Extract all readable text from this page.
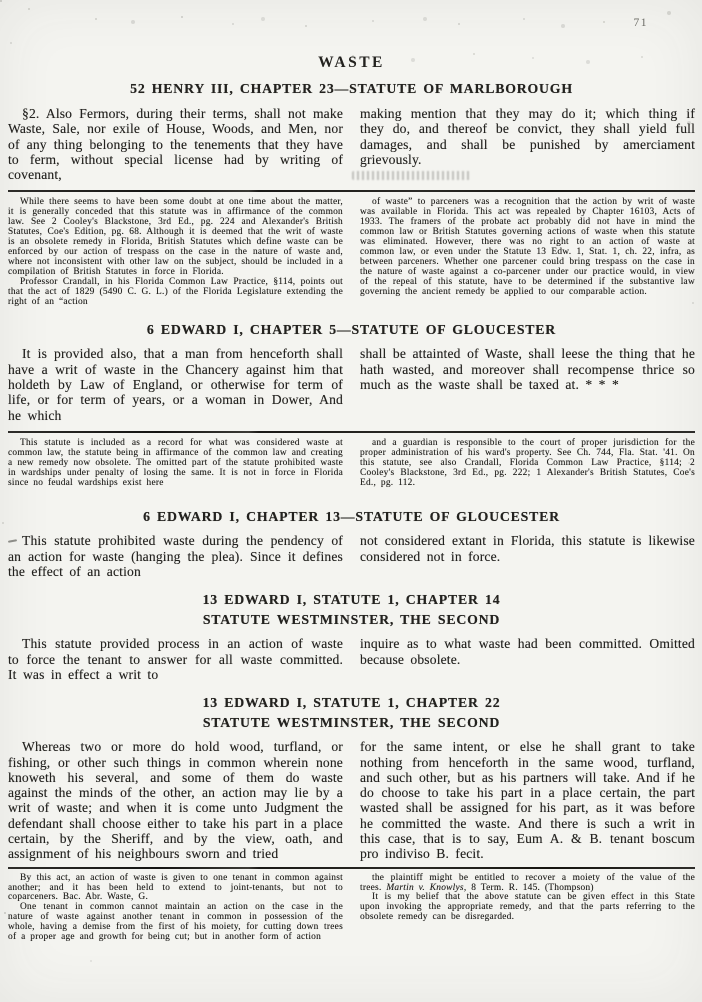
71
WASTE
52 HENRY III, CHAPTER 23—STATUTE OF MARLBOROUGH

§2. Also Fermors, during their terms, shall not make Waste, Sale, nor exile of House, Woods, and Men, nor of any thing belonging to the tenements that they have to ferm, without special license had by writing of covenant,

making mention that they may do it; which thing if they do, and thereof be convict, they shall yield full damages, and shall be punished by amerciament grievously.

While there seems to have been some doubt at one time about the matter, it is generally conceded that this statute was in affirmance of the common law. See 2 Cooley's Blackstone, 3rd Ed., pg. 224 and Alexander's British Statutes, Coe's Edition, pg. 68. Although it is deemed that the writ of waste is an obsolete remedy in Florida, British Statutes which define waste can be enforced by our action of trespass on the case in the nature of waste and, where not inconsistent with other law on the subject, should be included in a compilation of British Statutes in force in Florida.

Professor Crandall, in his Florida Common Law Practice, §114, points out that the act of 1829 (5490 C. G. L.) of the Florida Legislature extending the right of an “action

of waste” to parceners was a recognition that the action by writ of waste was available in Florida. This act was repealed by Chapter 16103, Acts of 1933. The framers of the probate act probably did not have in mind the common law or British Statutes governing actions of waste when this statute was eliminated. However, there was no right to an action of waste at common law, or even under the Statute 13 Edw. 1, Stat. 1, ch. 22, infra, as between parceners. Whether one parcener could bring trespass on the case in the nature of waste against a co-parcener under our practice would, in view of the repeal of this statute, have to be determined if the substantive law governing the ancient remedy be applied to our comparable action.

6 EDWARD I, CHAPTER 5—STATUTE OF GLOUCESTER

It is provided also, that a man from henceforth shall have a writ of waste in the Chancery against him that holdeth by Law of England, or otherwise for term of life, or for term of years, or a woman in Dower, And he which

shall be attainted of Waste, shall leese the thing that he hath wasted, and moreover shall recompense thrice so much as the waste shall be taxed at. * * *

This statute is included as a record for what was considered waste at common law, the statute being in affirmance of the common law and creating a new remedy now obsolete. The omitted part of the statute prohibited waste in wardships under penalty of losing the same. It is not in force in Florida since no feudal wardships exist here

and a guardian is responsible to the court of proper jurisdiction for the proper administration of his ward's property. See Ch. 744, Fla. Stat. '41. On this statute, see also Crandall, Florida Common Law Practice, §114; 2 Cooley's Blackstone, 3rd Ed., pg. 222; 1 Alexander's British Statutes, Coe's Ed., pg. 112.

6 EDWARD I, CHAPTER 13—STATUTE OF GLOUCESTER

This statute prohibited waste during the pendency of an action for waste (hanging the plea). Since it defines the effect of an action

not considered extant in Florida, this statute is likewise considered not in force.

13 EDWARD I, STATUTE 1, CHAPTER 14
STATUTE WESTMINSTER, THE SECOND

This statute provided process in an action of waste to force the tenant to answer for all waste committed. It was in effect a writ to

inquire as to what waste had been committed. Omitted because obsolete.

13 EDWARD I, STATUTE 1, CHAPTER 22
STATUTE WESTMINSTER, THE SECOND

Whereas two or more do hold wood, turfland, or fishing, or other such things in common wherein none knoweth his several, and some of them do waste against the minds of the other, an action may lie by a writ of waste; and when it is come unto Judgment the defendant shall choose either to take his part in a place certain, by the Sheriff, and by the view, oath, and assignment of his neighbours sworn and tried

for the same intent, or else he shall grant to take nothing from henceforth in the same wood, turfland, and such other, but as his partners will take. And if he do choose to take his part in a place certain, the part wasted shall be assigned for his part, as it was before he committed the waste. And there is such a writ in this case, that is to say, Eum A. & B. tenant boscum pro indiviso B. fecit.

By this act, an action of waste is given to one tenant in common against another; and it has been held to extend to joint-tenants, but not to coparceners. Bac. Abr. Waste, G.

One tenant in common cannot maintain an action on the case in the nature of waste against another tenant in common in possession of the whole, having a demise from the first of his moiety, for cutting down trees of a proper age and growth for being cut; but in another form of action

the plaintiff might be entitled to recover a moiety of the value of the trees. Martin v. Knowlys, 8 Term. R. 145. (Thompson)

It is my belief that the above statute can be given effect in this State upon invoking the appropriate remedy, and that the parts referring to the obsolete remedy can be disregarded.
